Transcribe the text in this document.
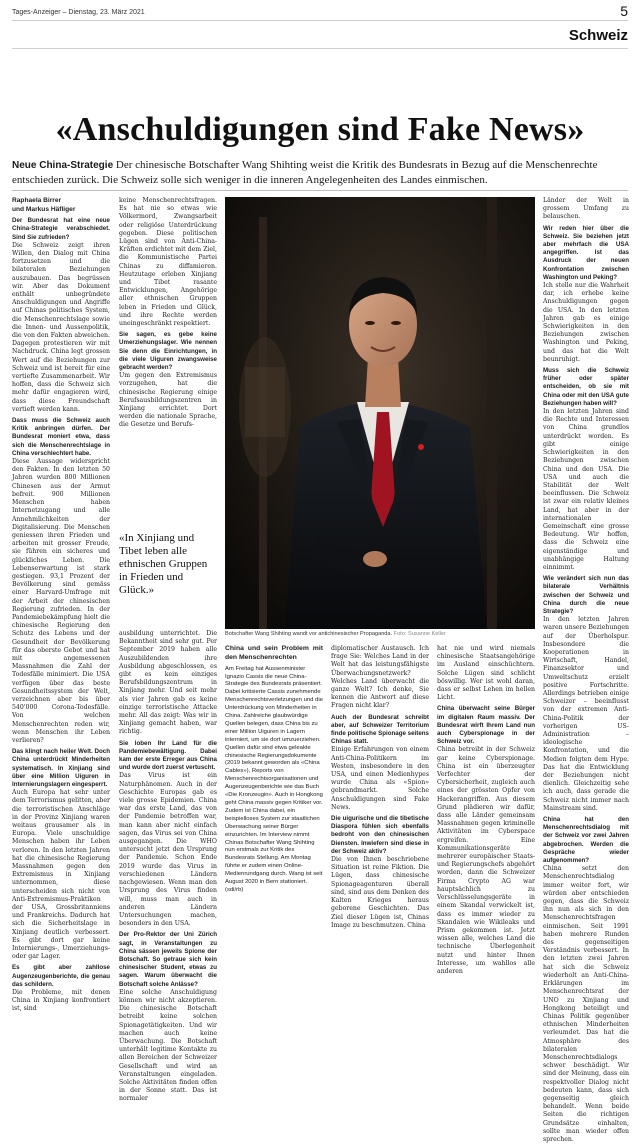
Tages-Anzeiger – Dienstag, 23. März 2021	5
Schweiz
«Anschuldigungen sind Fake News»
Neue China-Strategie Der chinesische Botschafter Wang Shihting weist die Kritik des Bundesrats in Bezug auf die Menschenrechte entschieden zurück. Die Schweiz solle sich weniger in die inneren Angelegenheiten des Landes einmischen.
Raphaela Birrer
und Markus Häfliger

Der Bundesrat hat eine neue China-Strategie verabschiedet. Sind Sie zufrieden?

Die Schweiz zeigt ihren Willen, den Dialog mit China fortzusetzen und die bilateralen Beziehungen auszubauen. Das begrüssen wir. Aber das Dokument enthält unbegründete Anschuldigungen und Angriffe auf Chinas politisches System, die Menschenrechtslage sowie die Innen- und Aussenpolitik, die von den Fakten abweichen. Dagegen protestieren wir mit Nachdruck. China legt grossen Wert auf die Beziehungen zur Schweiz und ist bereit für eine vertiefte Zusammenarbeit. Wir hoffen, dass die Schweiz sich mehr dafür engagieren wird, dass diese Freundschaft vertieft werden kann.

Dass muss die Schweiz auch Kritik anbringen dürfen. Der Bundesrat moniert etwa, dass sich die Menschenrechtslage in China verschlechtert habe.

Diese Aussage widerspricht den Fakten. In den letzten 50 Jahren wurden 800 Millionen Chinesen aus der Armut befreit. 900 Millionen Menschen haben Internetzugang und alle Annehmlichkeiten der Digitalisierung. Die Menschen geniessen ihren Frieden und arbeiten mit grosser Freude, sie führen ein sicheres und glückliches Leben. Die Lebenserwartung ist stark gestiegen. 93,1 Prozent der Bevölkerung sind gemäss einer Harvard-Umfrage mit der Arbeit der chinesischen Regierung zufrieden. In der Pandemiebekämpfung hielt die chinesische Regierung den Schutz des Lebens und der Gesundheit der Bevölkerung für das oberste Gebot und hat mit angemessenen Massnahmen die Zahl der Todesfälle minimiert. Die USA verfügen über das beste Gesundheitssystem der Welt, verzeichnen aber bis über 540'000 Corona-Todesfälle. Von welchen Menschenrechten reden wir, wenn Menschen ihr Leben verlieren?

Das klingt nach heiler Welt. Doch China unterdrückt Minderheiten systematisch. In Xinjiang sind über eine Million Uiguren in Internierungslagern eingesperrt.

Auch Europa hat sehr unter dem Terrorismus gelitten, aber die terroristischen Anschläge in der Provinz Xinjiang waren weitaus grausamer als in Europa. Viele unschuldige Menschen haben ihr Leben verloren. In den letzten Jahren hat die chinesische Regierung Massnahmen gegen den Extremismus in Xinjiang unternommen, diese unterscheiden sich nicht von Anti-Extremismus-Praktiken der USA, Grossbritanniens und Frankreichs. Dadurch hat sich die Sicherheitslage in Xinjiang deutlich verbessert. Es gibt dort gar keine Internierungs-, Umerziehungs- oder gar Lager.

Es gibt aber zahllose Augenzeugenberichte, die genau das schildern.

Die Probleme, mit denen China in Xinjiang konfrontiert ist, sind

keine Menschenrechtsfragen. Es hat nie so etwas wie Völkermord, Zwangsarbeit oder religiöse Unterdrückung gegeben. Diese politischen Lügen sind von Anti-China-Kräften erdichtet mit dem Ziel, die Kommunistische Partei Chinas zu diffamieren. Heutzutage erleben Xinjiang und Tibet rasante Entwicklungen, Angehörige aller ethnischen Gruppen leben in Frieden und Glück, und ihre Rechte werden uneingeschränkt respektiert.

Sie sagen, es gebe keine Umerziehungslager. Wie nennen Sie denn die Einrichtungen, in die viele Uiguren zwangsweise gebracht werden?

Um gegen den Extremismus vorzugehen, hat die chinesische Regierung einige Berufsausbildungszentren in Xinjiang errichtet. Dort werden die nationale Sprache, die Gesetze und Berufs-

«In Xinjiang und Tibet leben alle ethnischen Gruppen in Frieden und Glück.»

ausbildung unterrichtet. Die Bekanntheit sind sehr gut. Per September 2019 haben alle Auszubildenden ihre Ausbildung abgeschlossen, es gibt es kein einziges Berufsbildungszentrum in Xinjiang mehr. Und seit mehr als vier Jahren gab es keine einzige terroristische Attacke mehr. All das zeigt: Was wir in Xinjiang gemacht haben, war richtig.

Sie loben Ihr Land für die Pandemiebewältigung. Dabei kam der erste Erreger aus China und wurde dort zuerst vertuscht.

Das Virus ist ein Naturphänomen. Auch in der Geschichte Europas gab es viele grosse Epidemien. China war das erste Land, das von der Pandemie betroffen war, man kann aber nicht einfach sagen, das Virus sei von China ausgegangen. Die WHO untersucht jetzt den Ursprung der Pandemie. Schon Ende 2019 wurde das Virus in verschiedenen Ländern nachgewiesen. Wenn man den Ursprung des Virus finden will, muss man auch in anderen Ländern Untersuchungen machen, besonders in den USA.

Der Pro-Rektor der Uni Zürich sagt, in Veranstaltungen zu China sässen jeweils Spione der Botschaft. So getraue sich kein chinesischer Student, etwas zu sagen. Warum überwacht die Botschaft solche Anlässe?

Eine solche Anschuldigung können wir nicht akzeptieren. Die chinesische Botschaft betreibt keine solchen Spionagetätigkeiten. Und wir machen auch keine Überwachung. Die Botschaft unterhält legitime Kontakte zu allen Bereichen der Schweizer Gesellschaft und wird an Veranstaltungen eingeladen. Solche Aktivitäten finden offen in der Sonne statt. Das ist normaler

Botschafter Wang Shihting wandt vor antichinesischer Propaganda. Foto: Susanne Keller
China und sein Problem mit den Menschenrechten
Am Freitag hat Aussenminister Ignazio Cassis die neue China-Strategie des Bundesrats präsentiert. Dabei kritisierte Cassis zunehmende Menschenrechtsverletzungen und die Unterdrückung von Minderheiten in China. Zahlreiche glaubwürdige Quellen belegen, dass China bis zu einer Million Uiguren in Lagern interniert, um sie dort umzuerziehen. Quellen dafür sind etwa geleakte chinesische Regierungsdokumente (2019 bekannt geworden als «China Cables»), Reports von Menschenrechtsorganisationen und Augenzeugenberichte wie das Buch «Die Kronzeugin». Auch in Hongkong geht China massiv gegen Kritiker vor. Zudem ist China dabei, ein beispielloses System zur staatlichen Überwachung seiner Bürger einzurichten. Im Interview nimmt Chinas Botschafter Wang Shihting nun erstmals zur Kritik des Bundesrats Stellung. Am Montag führte er zudem einen Online-Medienrundgang durch. Wang ist seit August 2020 in Bern stationiert. (sdi/rb)

diplomatischer Austausch. Ich frage Sie: Welches Land in der Welt hat das leistungsfähigste Überwachungsnetzwerk? Welches Land überwacht die ganze Welt? Ich denke, Sie kennen die Antwort auf diese Fragen nicht klar?

Auch der Bundesrat schreibt aber, auf Schweizer Territorium finde politische Spionage seitens Chinas statt.

Einige Erfahrungen von einem Anti-China-Politikern im Westen, insbesondere in den USA, und einen Medienhypes wurde China als «Spion» gebrandmarkt. Solche Anschuldigungen sind Fake News.

Die uigurische und die tibetische Diaspora fühlen sich ebenfalls bedroht von den chinesischen Diensten. Inwiefern sind diese in der Schweiz aktiv?

Die von Ihnen beschriebene Situation ist reine Fiktion. Die Lügen, dass chinesische Spionageagenturen überall sind, sind aus dem Denken des Kalten Krieges heraus geborene Geschichten. Das Ziel dieser Lügen ist, Chinas Image zu beschmutzen. China

hat nie und wird niemals chinesische Staatsangehörige im Ausland einschüchtern. Solche Lügen sind schlicht böswillig. Wer ist wohl daran, dass er selbst Lehen im hellen Licht.

China überwacht seine Bürger im digitalen Raum massiv. Der Bundesrat wirft Ihrem Land nun auch Cyberspionage in der Schweiz vor.

China betreibt in der Schweiz gar keine Cyberspionage. China ist ein überzeugter Verfechter der Cybersicherheit, zugleich auch eines der grössten Opfer von Hackerangriffen. Aus diesem Grund plädieren wir dafür, dass alle Länder gemeinsam Massnahmen gegen kriminelle Aktivitäten im Cyberspace ergreifen. Eine Kommunikationsgeräte mehrerer europäischer Staats- und Regierungschefs abgehört worden, dann die Schweizer Firma Crypto AG war hauptsächlich zu Verschlüsselungsgeräte in einem Skandal verwickelt ist, dass es immer wieder zu Skandalen wie Wikileaks und Prism gekommen ist. Jetzt wissen alle, welches Land die technische Überlegenheit nutzt und hinter Ihnen Interesse, um wahllos alle anderen

Länder der Welt in grossem Umfang zu belauschen.

Wir reden hier über die Schweiz. Sie beziehen jetzt aber mehrfach die USA angegriffen. Ist das Ausdruck der neuen Konfrontation zwischen Washington und Peking?

Ich stelle nur die Wahrheit dar, ich erhebe keine Anschuldigungen gegen die USA. In den letzten Jahren gab es einige Schwierigkeiten in den Beziehungen zwischen Washington und Peking, und das hat die Welt beunruhigt.

Muss sich die Schweiz früher oder später entscheiden, ob sie mit China oder mit den USA gute Beziehungen haben will?

In den letzten Jahren sind die Rechte und Interessen von China grundlos unterdrückt worden. Es gibt einige Schwierigkeiten in den Beziehungen zwischen China und den USA. Die USA und auch die Stabilität der Welt beeinflussen. Die Schweiz ist zwar ein relativ kleines Land, hat aber in der internationalen Gemeinschaft eine grosse Bedeutung. Wir hoffen, dass die Schweiz eine eigenständige und unabhängige Haltung einnimmt.

Wie verändert sich nun das bilaterale Verhältnis zwischen der Schweiz und China durch die neue Strategie?

In den letzten Jahren waren unsere Beziehungen auf der Überholspur. Insbesondere die Kooperationen in Wirtschaft, Handel, Finanzsektor und Umweltschutz erzielt positive Fortschritte. Allerdings betrieben einige Schweizer – beeinflusst von der extremen Anti-China-Politik der vorherigen US-Administration – ideologische Konfrontation, und die Medien folgten dem Hype. Das hat die Entwicklung der Beziehungen nicht dienlich. Gleichzeitig sehe ich auch, dass gerade die Schweiz nicht immer nach Mainstream sind.

China hat den Menschenrechtsdialog mit der Schweiz vor zwei Jahren abgebrochen. Werden die Gespräche wieder aufgenommen?

China setzt den Menschenrechtsdialog immer weiter fort, wir würden aber entschieden gegen, dass die Schweiz ihn nun als sich in den Menschenrechtsfragen einmischen. Seit 1991 haben mehrere Runden des gegenseitigen Verständnis verbessert. In den letzten zwei Jahren hat sich die Schweiz wiederholt an Anti-China-Erklärungen im Menschenrechtsrat der UNO zu Xinjiang und Hongkong beteiligt und Chinas Politik gegenüber ethnischen Minderheiten verleumdet. Das hat die Atmosphäre des bilateralen Menschenrechtsdialogs schwer beschädigt. Wir sind der Meinung, dass ein respektvoller Dialog nicht bedeuten kann, dass sich gegenseitig gleich behandelt. Wenn beide Seiten die richtigen Grundsätze einhalten, sollte man wieder offen sprechen.
